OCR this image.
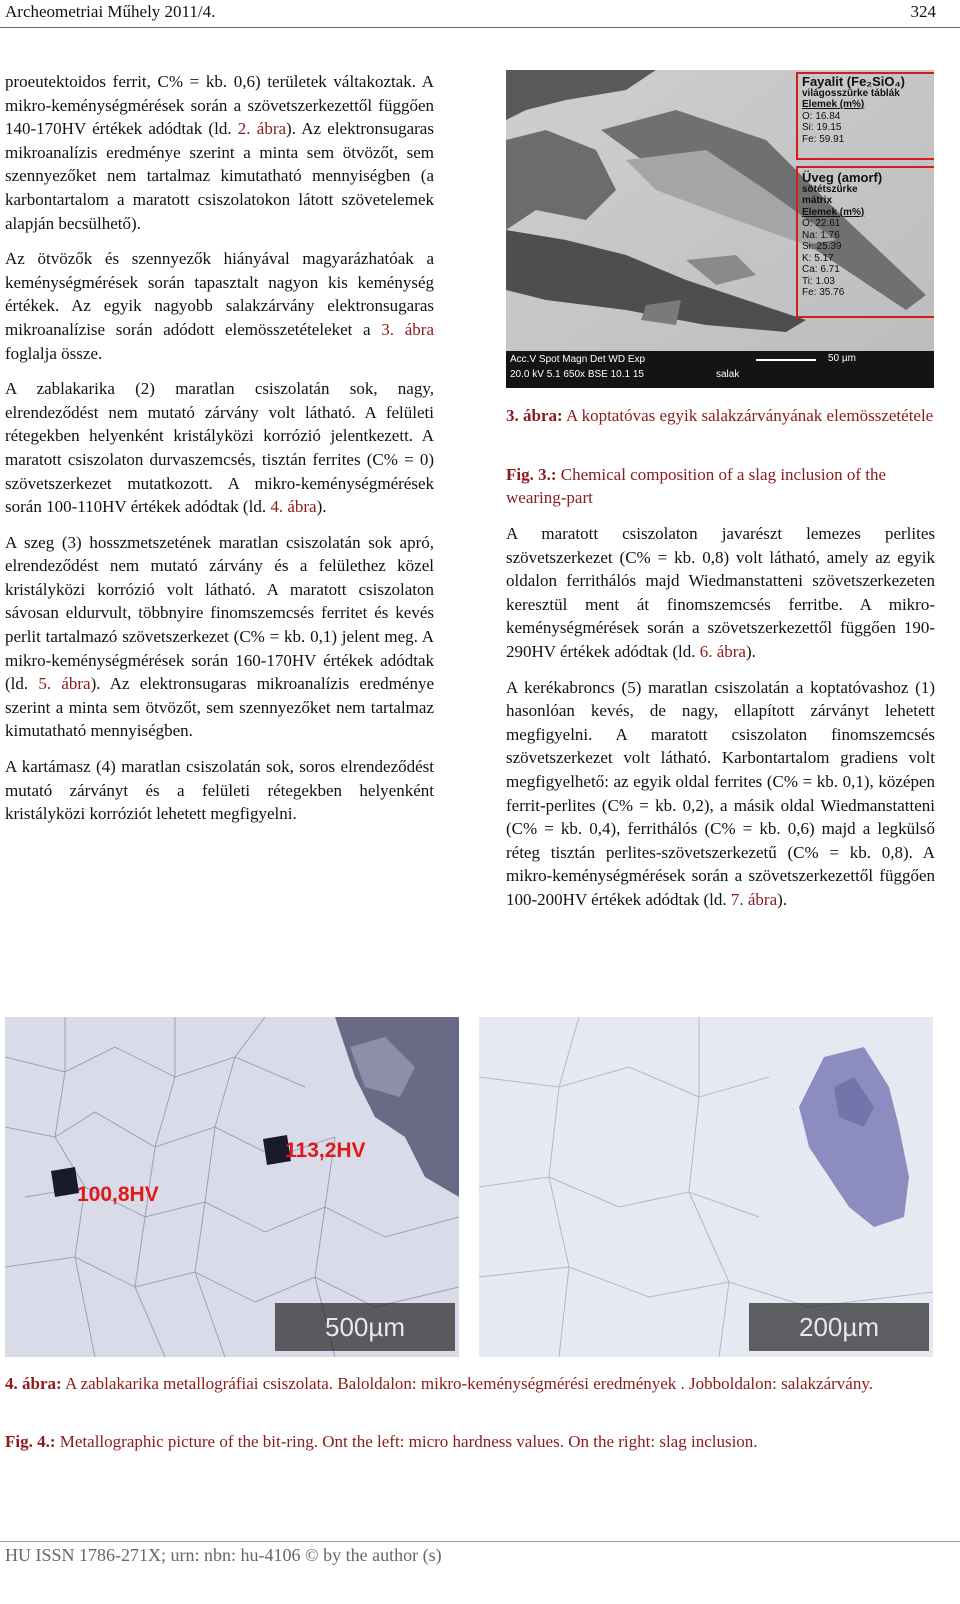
Archeometriai Műhely 2011/4.	324

proeutektoidos ferrit, C% = kb. 0,6) területek váltakoztak. A mikro-keménységmérések során a szövetszerkezettől függően 140-170HV értékek adódtak (ld. 2. ábra). Az elektronsugaras mikroanalízis eredménye szerint a minta sem ötvözőt, sem szennyezőket nem tartalmaz kimutatható mennyiségben (a karbontartalom a maratott csiszolatokon látott szövetelemek alapján becsülhető).

Az ötvözők és szennyezők hiányával magyarázhatóak a keménységmérések során tapasztalt nagyon kis keménység értékek. Az egyik nagyobb salakzárvány elektronsugaras mikroanalízise során adódott elemösszetételeket a 3. ábra foglalja össze.

A zablakarika (2) maratlan csiszolatán sok, nagy, elrendeződést nem mutató zárvány volt látható. A felületi rétegekben helyenként kristályközi korrózió jelentkezett. A maratott csiszolaton durvaszemcsés, tisztán ferrites (C% = 0) szövetszerkezet mutatkozott. A mikro-keménységmérések során 100-110HV értékek adódtak (ld. 4. ábra).

A szeg (3) hosszmetszetének maratlan csiszolatán sok apró, elrendeződést nem mutató zárvány és a felülethez közel kristályközi korrózió volt látható. A maratott csiszolaton sávosan eldurvult, többnyire finomszemcsés ferritet és kevés perlit tartalmazó szövetszerkezet (C% = kb. 0,1) jelent meg. A mikro-keménységmérések során 160-170HV értékek adódtak (ld. 5. ábra). Az elektronsugaras mikroanalízis eredménye szerint a minta sem ötvözőt, sem szennyezőket nem tartalmaz kimutatható mennyiségben.

A kartámasz (4) maratlan csiszolatán sok, soros elrendeződést mutató zárványt és a felületi rétegekben helyenként kristályközi korróziót lehetett megfigyelni.

Fayalit (Fe₂SiO₄)
világosszürke táblák
Elemek (m%)
O: 16.84
Si: 19.15
Fe: 59.91
Üveg (amorf)
sötétszürke
mátrix
Elemek (m%)
O: 22.61
Na: 1.76
Si: 25.39
K: 5.17
Ca: 6.71
Ti: 1.03
Fe: 35.76
Acc.V Spot Magn Det WD Exp
20.0 kV 5.1 650x BSE 10.1 15	salak
50 µm
3. ábra: A koptatóvas egyik salakzárványának elemösszetétele
Fig. 3.: Chemical composition of a slag inclusion of the wearing-part

A maratott csiszolaton javarészt lemezes perlites szövetszerkezet (C% = kb. 0,8) volt látható, amely az egyik oldalon ferrithálós majd Wiedmanstatteni szövetszerkezeten keresztül ment át finomszemcsés ferritbe. A mikro-keménységmérések során a szövetszerkezettől függően 190-290HV értékek adódtak (ld. 6. ábra).

A kerékabroncs (5) maratlan csiszolatán a koptatóvashoz (1) hasonlóan kevés, de nagy, ellapított zárványt lehetett megfigyelni. A maratott csiszolaton finomszemcsés szövetszerkezet volt látható. Karbontartalom gradiens volt megfigyelhető: az egyik oldal ferrites (C% = kb. 0,1), középen ferrit-perlites (C% = kb. 0,2), a másik oldal Wiedmanstatteni (C% = kb. 0,4), ferrithálós (C% = kb. 0,6) majd a legkülső réteg tisztán perlites-szövetszerkezetű (C% = kb. 0,8). A mikro-keménységmérések során a szövetszerkezettől függően 100-200HV értékek adódtak (ld. 7. ábra).

113,2HV
100,8HV
500µm	200µm
4. ábra: A zablakarika metallográfiai csiszolata. Baloldalon: mikro-keménységmérési eredmények . Jobboldalon: salakzárvány.
Fig. 4.: Metallographic picture of the bit-ring. Ont the left: micro hardness values. On the right: slag inclusion.
HU ISSN 1786-271X; urn: nbn: hu-4106 © by the author (s)
